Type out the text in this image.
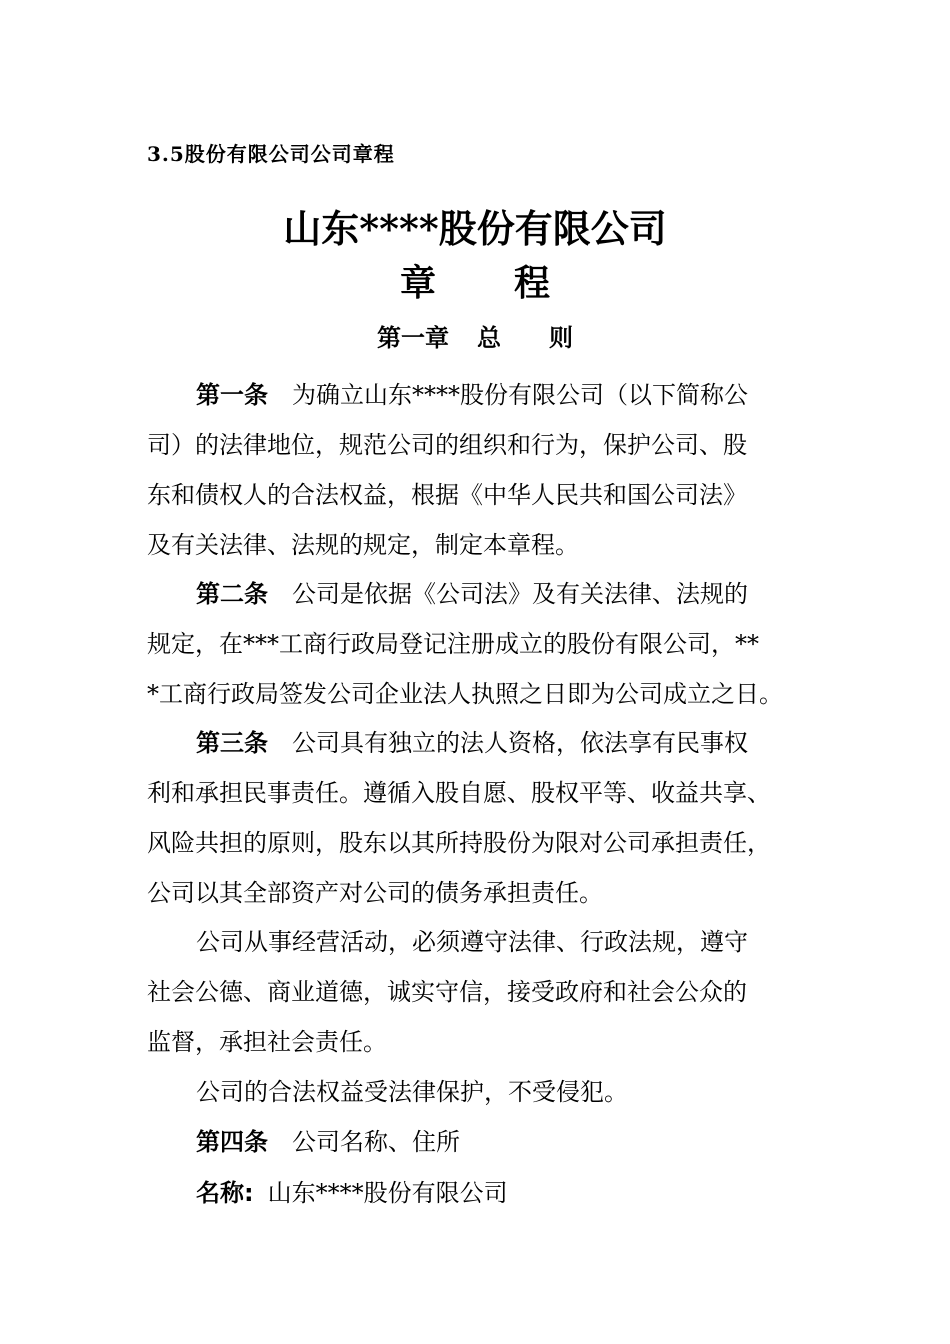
3.5股份有限公司公司章程
山东****股份有限公司
章 程
第一章 总 则
第一条 为确立山东****股份有限公司（以下简称公
司）的法律地位，规范公司的组织和行为，保护公司、股
东和债权人的合法权益，根据《中华人民共和国公司法》
及有关法律、法规的规定，制定本章程。
第二条 公司是依据《公司法》及有关法律、法规的
规定，在***工商行政局登记注册成立的股份有限公司，**
*工商行政局签发公司企业法人执照之日即为公司成立之日。
第三条 公司具有独立的法人资格，依法享有民事权
利和承担民事责任。遵循入股自愿、股权平等、收益共享、
风险共担的原则，股东以其所持股份为限对公司承担责任，
公司以其全部资产对公司的债务承担责任。
公司从事经营活动，必须遵守法律、行政法规，遵守
社会公德、商业道德，诚实守信，接受政府和社会公众的
监督，承担社会责任。
公司的合法权益受法律保护，不受侵犯。
第四条 公司名称、住所
名称: 山东****股份有限公司
